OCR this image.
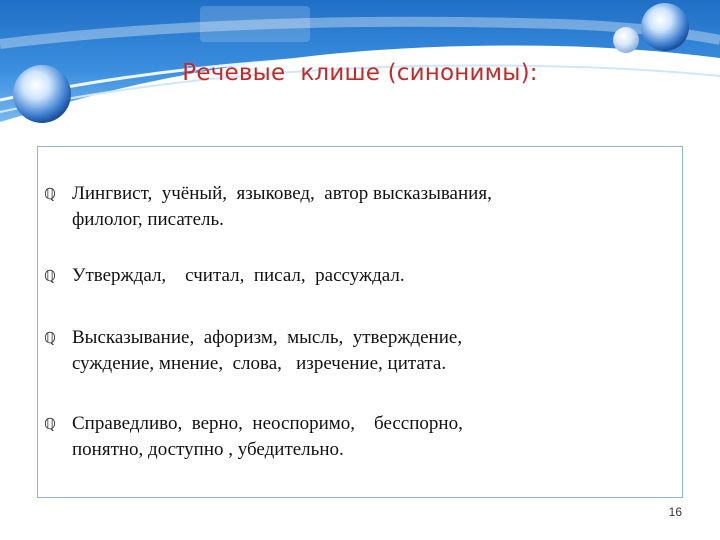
Речевые  клише (синонимы):
ℚ Лингвист,  учёный,  языковед,  автор высказывания,
филолог, писатель.
ℚ Утверждал,    считал,  писал,  рассуждал.
ℚ Высказывание,  афоризм,  мысль,  утверждение,
суждение, мнение,  слова,   изречение, цитата.
ℚ Справедливо,  верно,  неоспоримо,    бесспорно,
понятно, доступно , убедительно.
16
